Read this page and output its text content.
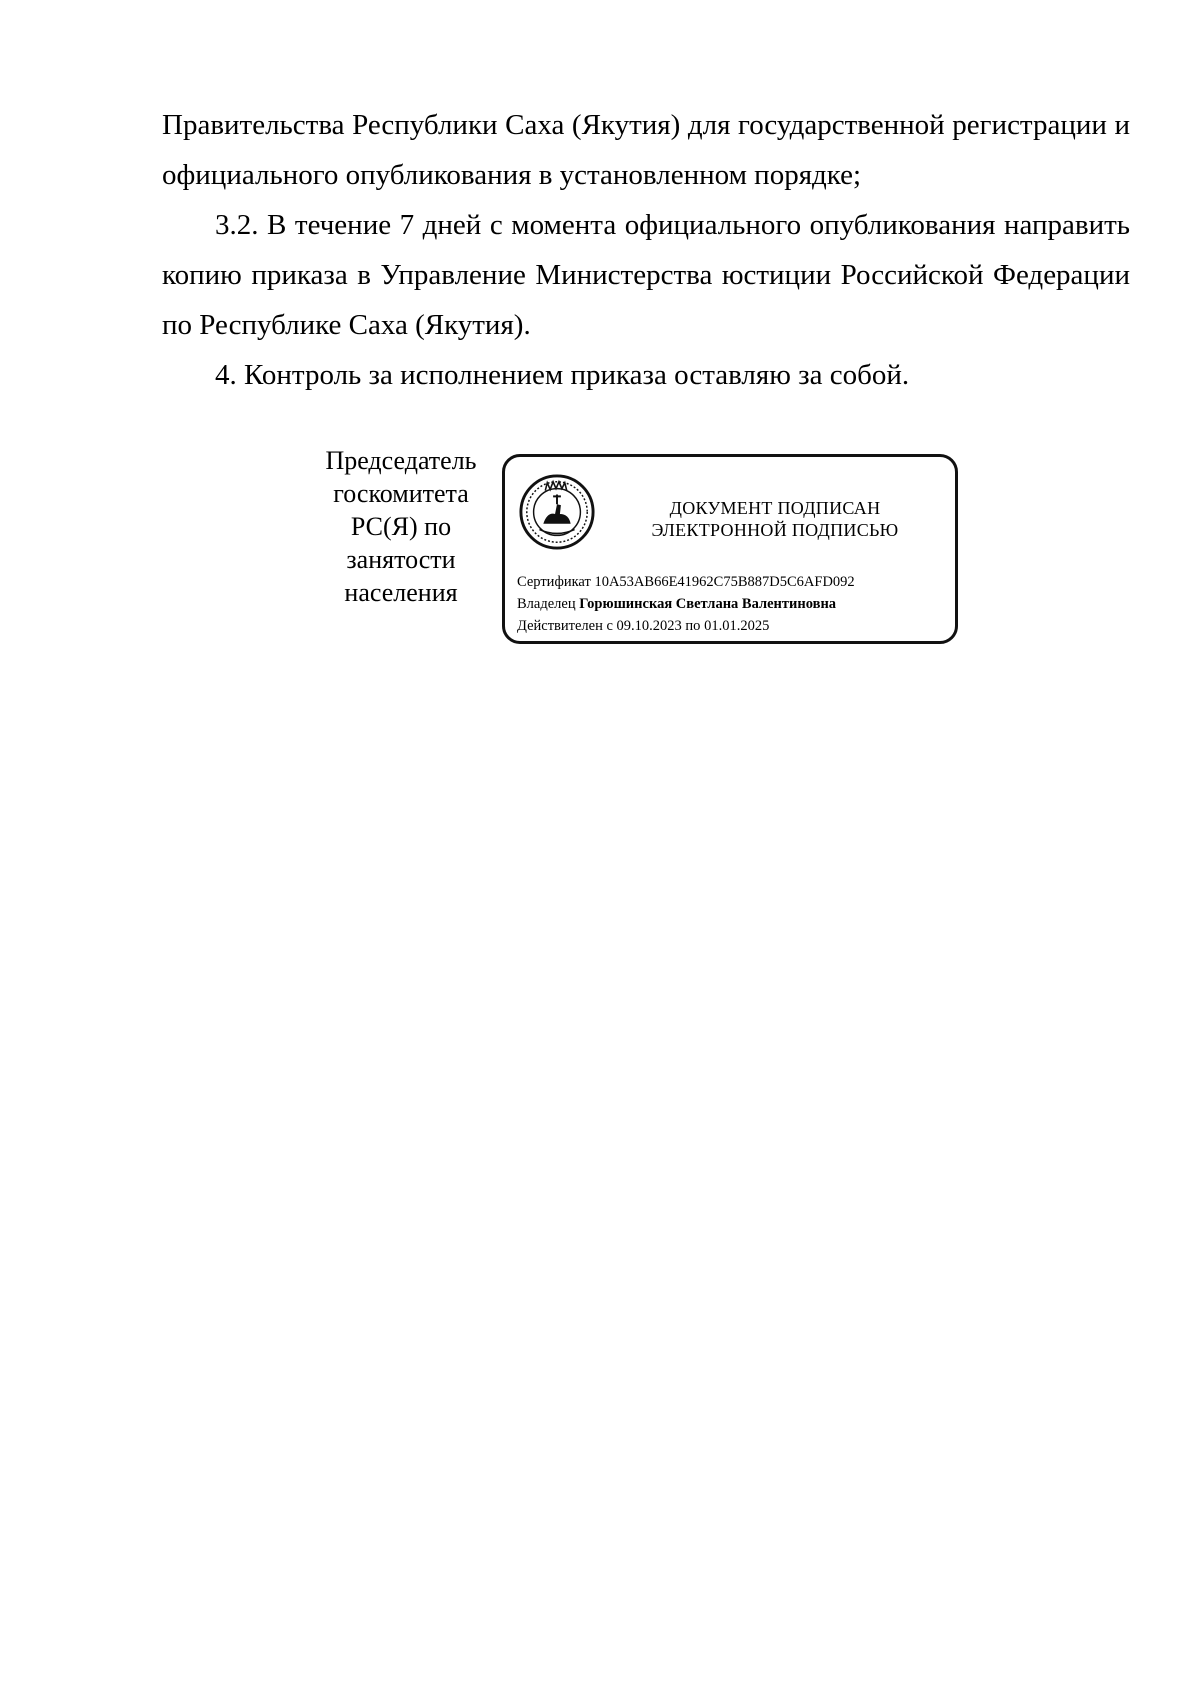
Правительства Республики Саха (Якутия) для государственной регистрации и официального опубликования в установленном порядке;

3.2. В течение 7 дней с момента официального опубликования направить копию приказа в Управление Министерства юстиции Российской Федерации по Республике Саха (Якутия).

4. Контроль за исполнением приказа оставляю за собой.

Председатель
госкомитета
РС(Я) по
занятости
населения
ДОКУМЕНТ ПОДПИСАН
ЭЛЕКТРОННОЙ ПОДПИСЬЮ
Сертификат 10A53AB66E41962C75B887D5C6AFD092
Владелец Горюшинская Светлана Валентиновна
Действителен с 09.10.2023 по 01.01.2025
